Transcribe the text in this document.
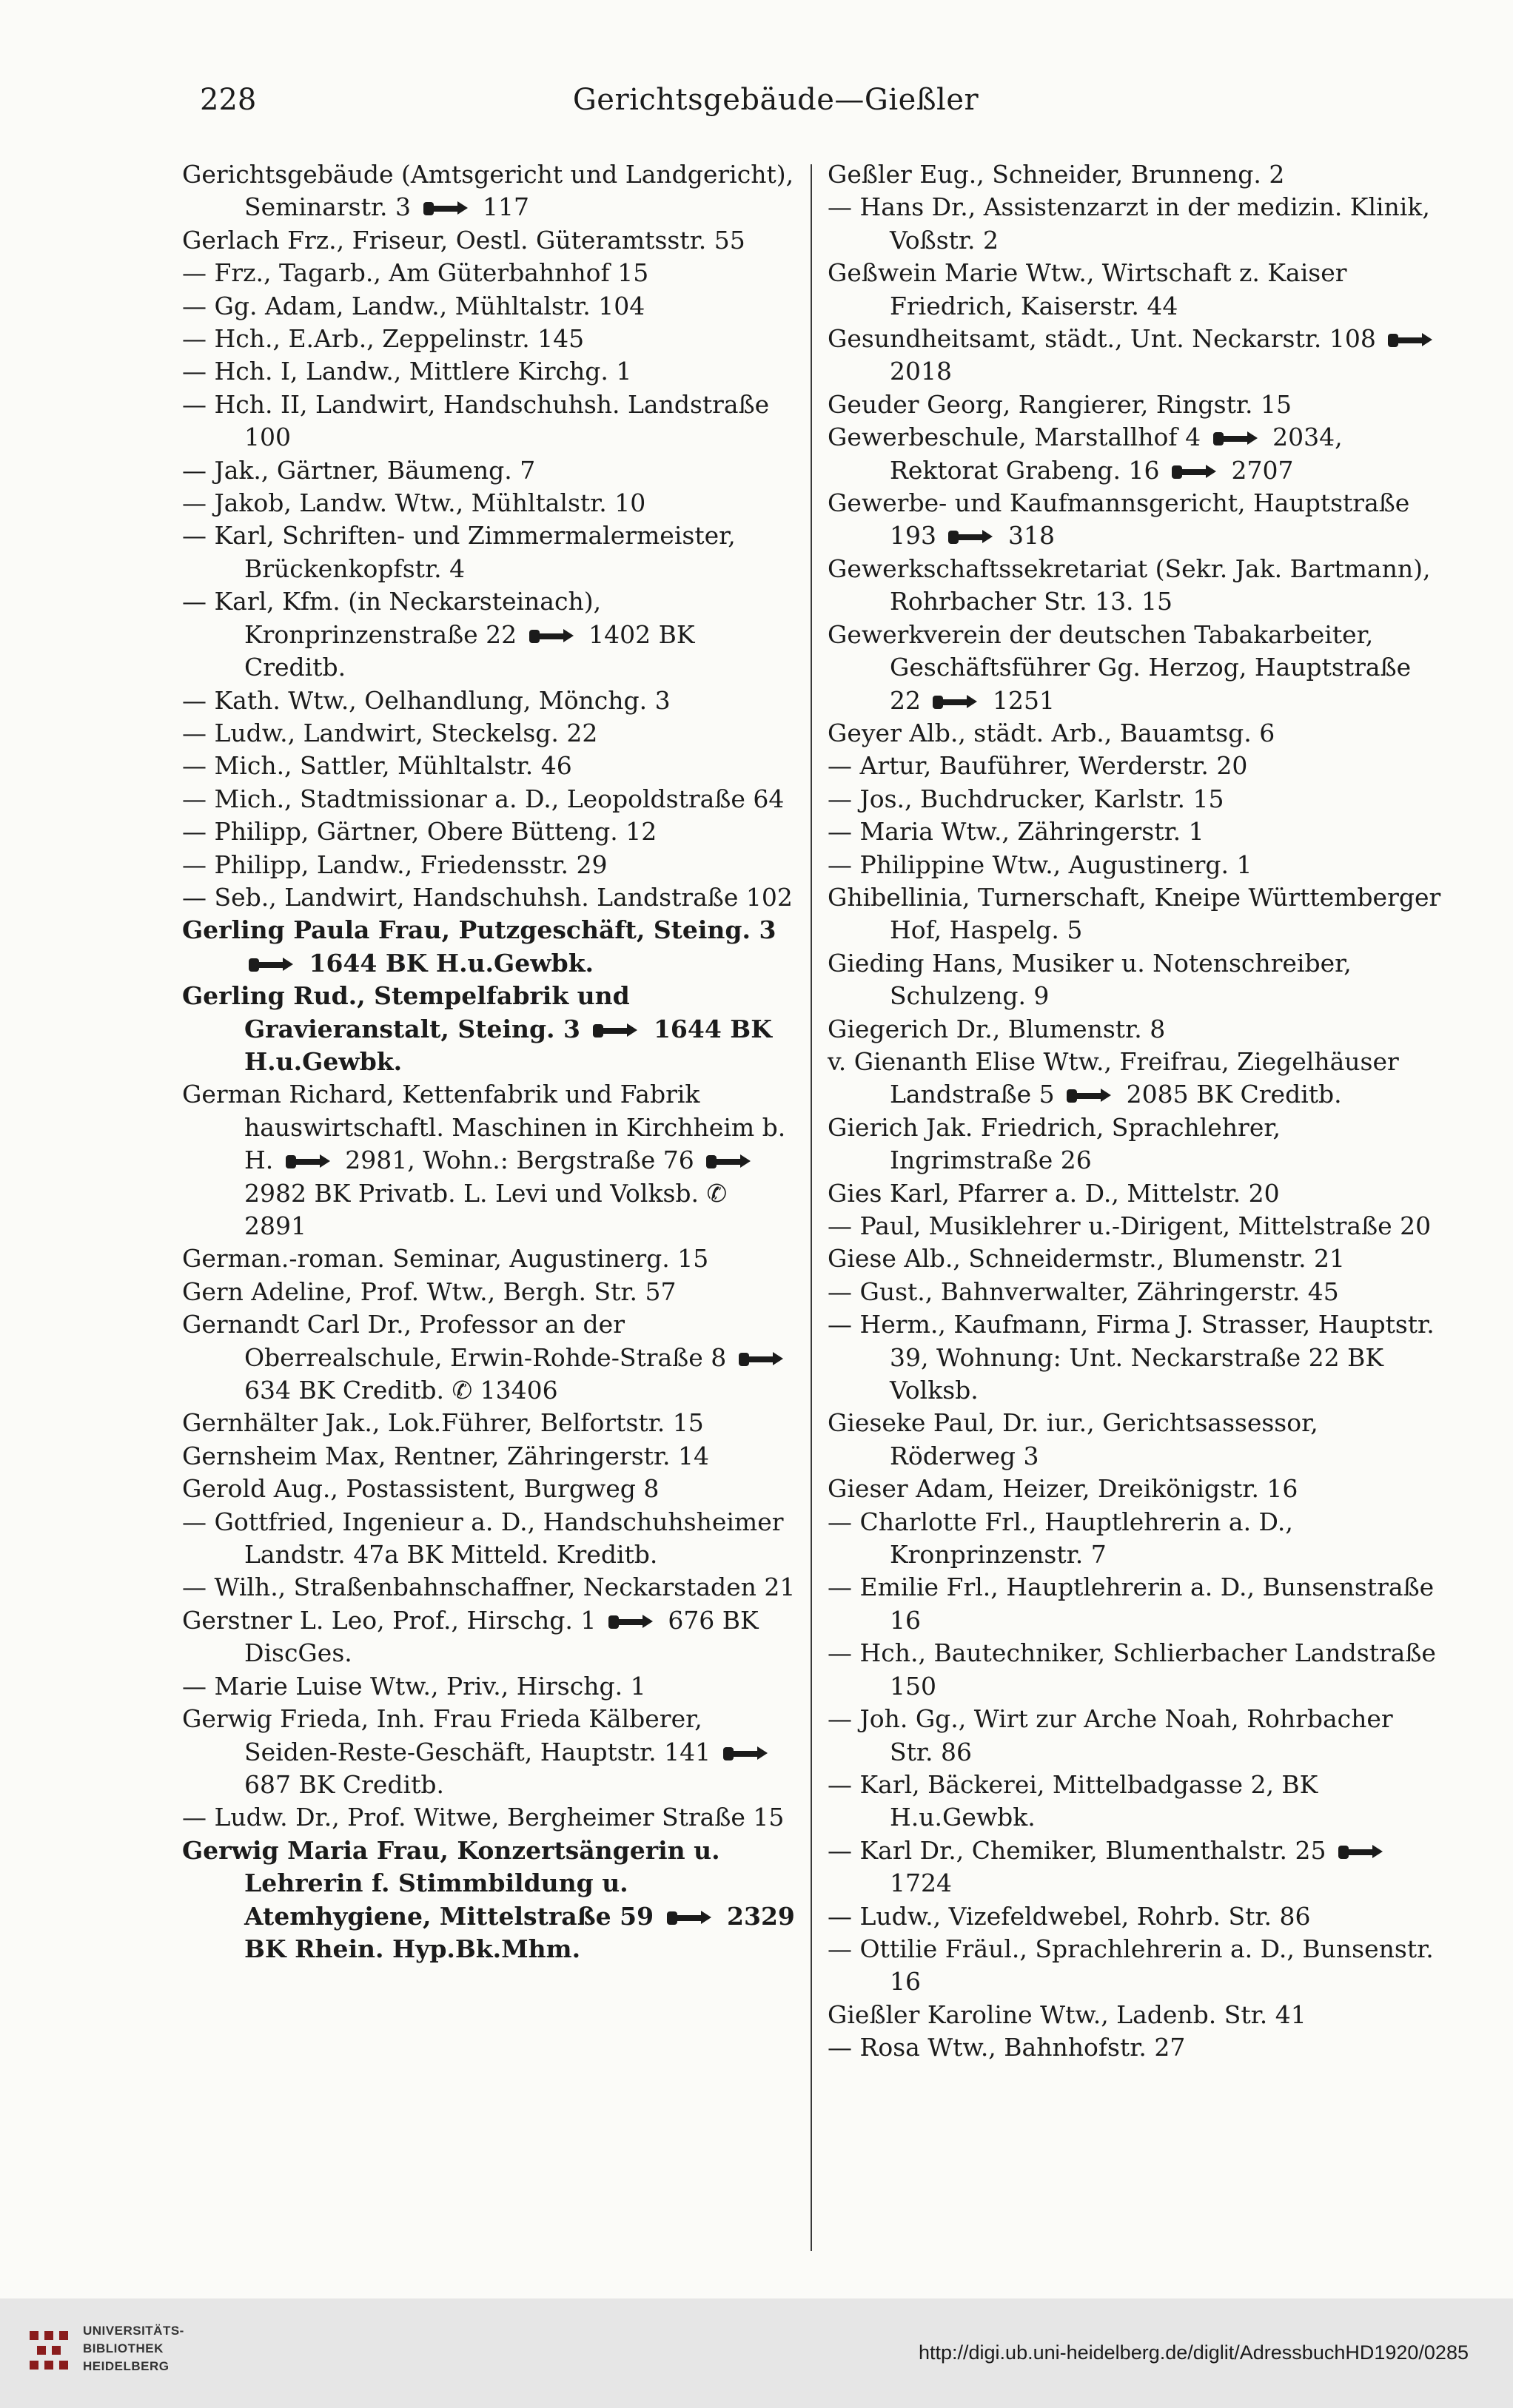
228	Gerichtsgebäude—Gießler

Gerichtsgebäude (Amtsgericht und Landgericht), Seminarstr. 3  117

Gerlach Frz., Friseur, Oestl. Güteramtsstr. 55

— Frz., Tagarb., Am Güterbahnhof 15

— Gg. Adam, Landw., Mühltalstr. 104

— Hch., E.Arb., Zeppelinstr. 145

— Hch. I, Landw., Mittlere Kirchg. 1

— Hch. II, Landwirt, Handschuhsh. Landstraße 100

— Jak., Gärtner, Bäumeng. 7

— Jakob, Landw. Wtw., Mühltalstr. 10

— Karl, Schriften- und Zimmermalermeister, Brückenkopfstr. 4

— Karl, Kfm. (in Neckarsteinach), Kronprinzenstraße 22  1402 BK Creditb.

— Kath. Wtw., Oelhandlung, Mönchg. 3

— Ludw., Landwirt, Steckelsg. 22

— Mich., Sattler, Mühltalstr. 46

— Mich., Stadtmissionar a. D., Leopoldstraße 64

— Philipp, Gärtner, Obere Bütteng. 12

— Philipp, Landw., Friedensstr. 29

— Seb., Landwirt, Handschuhsh. Landstraße 102

Gerling Paula Frau, Putzgeschäft, Steing. 3  1644 BK H.u.Gewbk.

Gerling Rud., Stempelfabrik und Gravieranstalt, Steing. 3  1644 BK H.u.Gewbk.

German Richard, Kettenfabrik und Fabrik hauswirtschaftl. Maschinen in Kirchheim b. H.  2981, Wohn.: Bergstraße 76  2982 BK Privatb. L. Levi und Volksb. ✆ 2891

German.-roman. Seminar, Augustinerg. 15

Gern Adeline, Prof. Wtw., Bergh. Str. 57

Gernandt Carl Dr., Professor an der Oberrealschule, Erwin-Rohde-Straße 8  634 BK Creditb. ✆ 13406

Gernhälter Jak., Lok.Führer, Belfortstr. 15

Gernsheim Max, Rentner, Zähringerstr. 14

Gerold Aug., Postassistent, Burgweg 8

— Gottfried, Ingenieur a. D., Handschuhsheimer Landstr. 47a BK Mitteld. Kreditb.

— Wilh., Straßenbahnschaffner, Neckarstaden 21

Gerstner L. Leo, Prof., Hirschg. 1  676 BK DiscGes.

— Marie Luise Wtw., Priv., Hirschg. 1

Gerwig Frieda, Inh. Frau Frieda Kälberer, Seiden-Reste-Geschäft, Hauptstr. 141  687 BK Creditb.

— Ludw. Dr., Prof. Witwe, Bergheimer Straße 15

Gerwig Maria Frau, Konzertsängerin u. Lehrerin f. Stimmbildung u. Atemhygiene, Mittelstraße 59  2329 BK Rhein. Hyp.Bk.Mhm.

Geßler Eug., Schneider, Brunneng. 2

— Hans Dr., Assistenzarzt in der medizin. Klinik, Voßstr. 2

Geßwein Marie Wtw., Wirtschaft z. Kaiser Friedrich, Kaiserstr. 44

Gesundheitsamt, städt., Unt. Neckarstr. 108  2018

Geuder Georg, Rangierer, Ringstr. 15

Gewerbeschule, Marstallhof 4  2034, Rektorat Grabeng. 16  2707

Gewerbe- und Kaufmannsgericht, Hauptstraße 193  318

Gewerkschaftssekretariat (Sekr. Jak. Bartmann), Rohrbacher Str. 13. 15

Gewerkverein der deutschen Tabakarbeiter, Geschäftsführer Gg. Herzog, Hauptstraße 22  1251

Geyer Alb., städt. Arb., Bauamtsg. 6

— Artur, Bauführer, Werderstr. 20

— Jos., Buchdrucker, Karlstr. 15

— Maria Wtw., Zähringerstr. 1

— Philippine Wtw., Augustinerg. 1

Ghibellinia, Turnerschaft, Kneipe Württemberger Hof, Haspelg. 5

Gieding Hans, Musiker u. Notenschreiber, Schulzeng. 9

Giegerich Dr., Blumenstr. 8

v. Gienanth Elise Wtw., Freifrau, Ziegelhäuser Landstraße 5  2085 BK Creditb.

Gierich Jak. Friedrich, Sprachlehrer, Ingrimstraße 26

Gies Karl, Pfarrer a. D., Mittelstr. 20

— Paul, Musiklehrer u.-Dirigent, Mittelstraße 20

Giese Alb., Schneidermstr., Blumenstr. 21

— Gust., Bahnverwalter, Zähringerstr. 45

— Herm., Kaufmann, Firma J. Strasser, Hauptstr. 39, Wohnung: Unt. Neckarstraße 22 BK Volksb.

Gieseke Paul, Dr. iur., Gerichtsassessor, Röderweg 3

Gieser Adam, Heizer, Dreikönigstr. 16

— Charlotte Frl., Hauptlehrerin a. D., Kronprinzenstr. 7

— Emilie Frl., Hauptlehrerin a. D., Bunsenstraße 16

— Hch., Bautechniker, Schlierbacher Landstraße 150

— Joh. Gg., Wirt zur Arche Noah, Rohrbacher Str. 86

— Karl, Bäckerei, Mittelbadgasse 2, BK H.u.Gewbk.

— Karl Dr., Chemiker, Blumenthalstr. 25  1724

— Ludw., Vizefeldwebel, Rohrb. Str. 86

— Ottilie Fräul., Sprachlehrerin a. D., Bunsenstr. 16

Gießler Karoline Wtw., Ladenb. Str. 41

— Rosa Wtw., Bahnhofstr. 27

UNIVERSITÄTS-
BIBLIOTHEK
HEIDELBERG
http://digi.ub.uni-heidelberg.de/diglit/AdressbuchHD1920/0285
